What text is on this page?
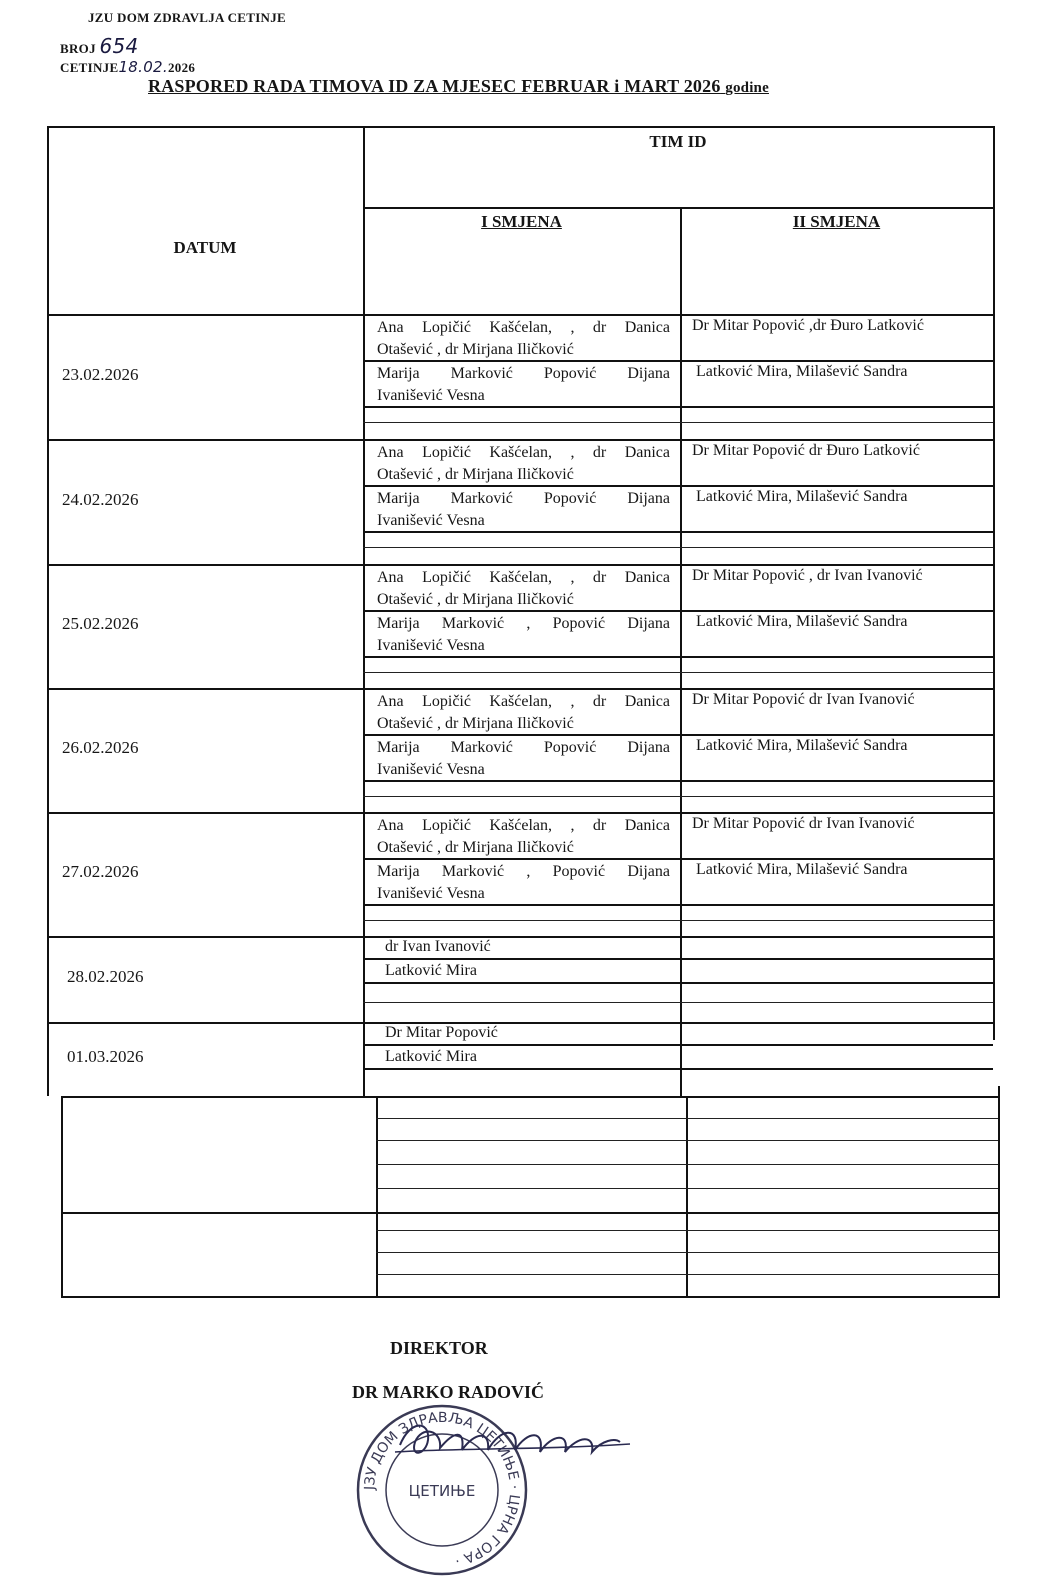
JZU DOM ZDRAVLJA CETINJE
BROJ 654
CETINJE18.02.2026
RASPORED RADA TIMOVA ID ZA MJESEC FEBRUAR i MART 2026 godine
DATUM
TIM ID
I SMJENA	II SMJENA
23.02.2026
Ana Lopičić Kašćelan, , dr Danica
Otašević , dr Mirjana Iličković
Marija Marković Popović Dijana
Ivanišević Vesna
Dr Mitar Popović ,dr Đuro Latković
Latković Mira, Milašević Sandra
24.02.2026
Ana Lopičić Kašćelan, , dr Danica
Otašević , dr Mirjana Iličković
Marija Marković Popović Dijana
Ivanišević Vesna
Dr Mitar Popović dr Đuro Latković
Latković Mira, Milašević Sandra
25.02.2026
Ana Lopičić Kašćelan, , dr Danica
Otašević , dr Mirjana Iličković
Marija Marković , Popović Dijana
Ivanišević Vesna
Dr Mitar Popović , dr Ivan Ivanović
Latković Mira, Milašević Sandra
26.02.2026
Ana Lopičić Kašćelan, , dr Danica
Otašević , dr Mirjana Iličković
Marija Marković Popović Dijana
Ivanišević Vesna
Dr Mitar Popović dr Ivan Ivanović
Latković Mira, Milašević Sandra
27.02.2026
Ana Lopičić Kašćelan, , dr Danica
Otašević , dr Mirjana Iličković
Marija Marković , Popović Dijana
Ivanišević Vesna
Dr Mitar Popović dr Ivan Ivanović
Latković Mira, Milašević Sandra
28.02.2026
dr Ivan Ivanović
Latković Mira
01.03.2026
Dr Mitar Popović
Latković Mira
DIREKTOR
DR MARKO RADOVIĆ
ЈЗУ ДОМ ЗДРАВЉА ЦЕТИЊЕ · ЦРНА ГОРА ·
ЦЕТИЊЕ
